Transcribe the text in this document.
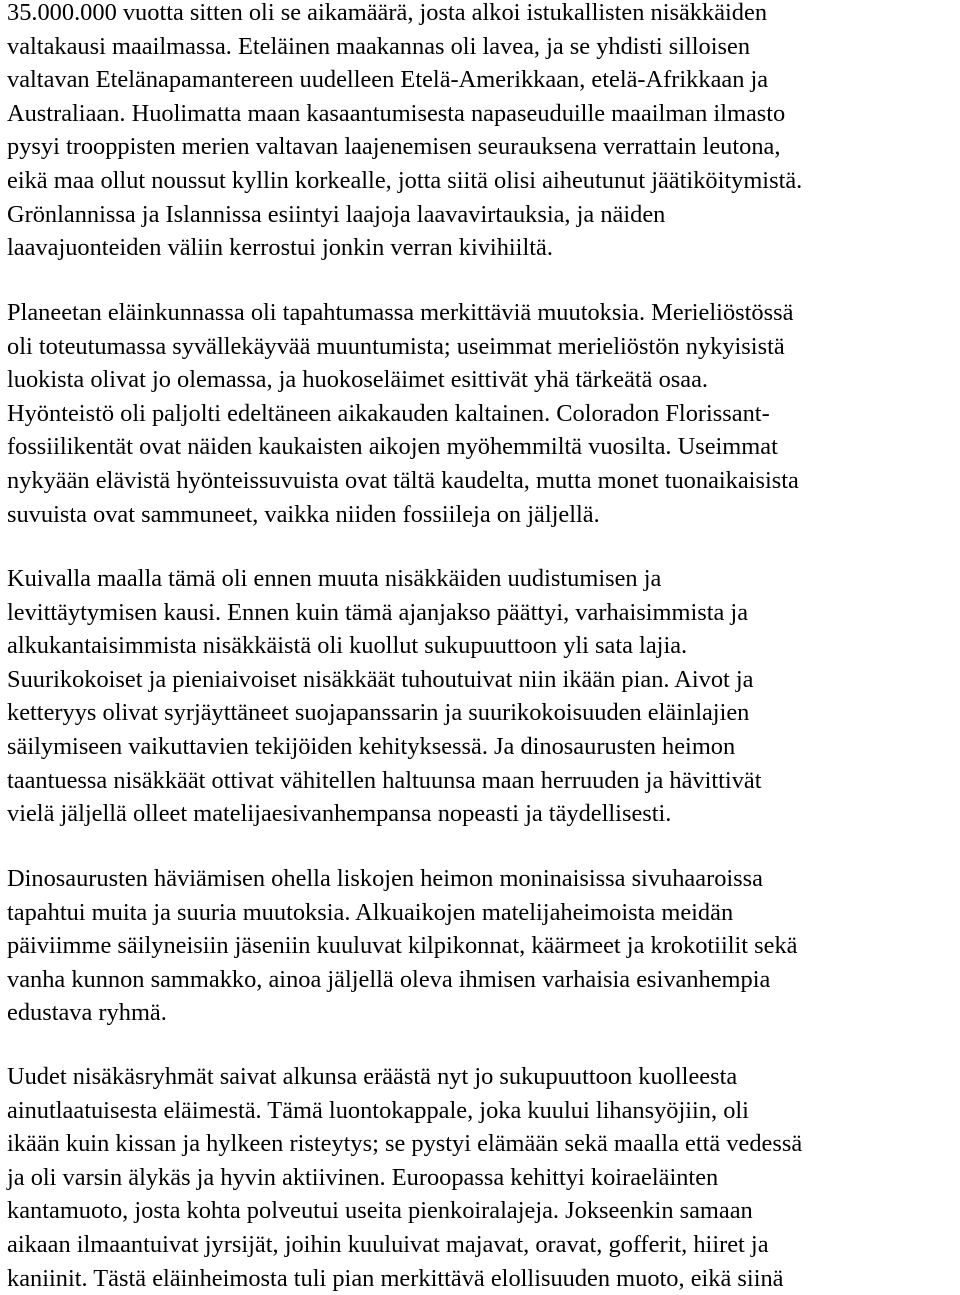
35.000.000 vuotta sitten oli se aikamäärä, josta alkoi istukallisten nisäkkäiden
valtakausi maailmassa. Eteläinen maakannas oli lavea, ja se yhdisti silloisen
valtavan Etelänapamantereen uudelleen Etelä-Amerikkaan, etelä-Afrikkaan ja
Australiaan. Huolimatta maan kasaantumisesta napaseuduille maailman ilmasto
pysyi trooppisten merien valtavan laajenemisen seurauksena verrattain leutona,
eikä maa ollut noussut kyllin korkealle, jotta siitä olisi aiheutunut jäätiköitymistä.
Grönlannissa ja Islannissa esiintyi laajoja laavavirtauksia, ja näiden
laavajuonteiden väliin kerrostui jonkin verran kivihiiltä.

Planeetan eläinkunnassa oli tapahtumassa merkittäviä muutoksia. Merieliöstössä
oli toteutumassa syvällekäyvää muuntumista; useimmat merieliöstön nykyisistä
luokista olivat jo olemassa, ja huokoseläimet esittivät yhä tärkeätä osaa.
Hyönteistö oli paljolti edeltäneen aikakauden kaltainen. Coloradon Florissant-
fossiilikentät ovat näiden kaukaisten aikojen myöhemmiltä vuosilta. Useimmat
nykyään elävistä hyönteissuvuista ovat tältä kaudelta, mutta monet tuonaikaisista
suvuista ovat sammuneet, vaikka niiden fossiileja on jäljellä.

Kuivalla maalla tämä oli ennen muuta nisäkkäiden uudistumisen ja
levittäytymisen kausi. Ennen kuin tämä ajanjakso päättyi, varhaisimmista ja
alkukantaisimmista nisäkkäistä oli kuollut sukupuuttoon yli sata lajia.
Suurikokoiset ja pieniaivoiset nisäkkäät tuhoutuivat niin ikään pian. Aivot ja
ketteryys olivat syrjäyttäneet suojapanssarin ja suurikokoisuuden eläinlajien
säilymiseen vaikuttavien tekijöiden kehityksessä. Ja dinosaurusten heimon
taantuessa nisäkkäät ottivat vähitellen haltuunsa maan herruuden ja hävittivät
vielä jäljellä olleet matelijaesivanhempansa nopeasti ja täydellisesti.

Dinosaurusten häviämisen ohella liskojen heimon moninaisissa sivuhaaroissa
tapahtui muita ja suuria muutoksia. Alkuaikojen matelijaheimoista meidän
päiviimme säilyneisiin jäseniin kuuluvat kilpikonnat, käärmeet ja krokotiilit sekä
vanha kunnon sammakko, ainoa jäljellä oleva ihmisen varhaisia esivanhempia
edustava ryhmä.

Uudet nisäkäsryhmät saivat alkunsa eräästä nyt jo sukupuuttoon kuolleesta
ainutlaatuisesta eläimestä. Tämä luontokappale, joka kuului lihansyöjiin, oli
ikään kuin kissan ja hylkeen risteytys; se pystyi elämään sekä maalla että vedessä
ja oli varsin älykäs ja hyvin aktiivinen. Euroopassa kehittyi koiraeläinten
kantamuoto, josta kohta polveutui useita pienkoiralajeja. Jokseenkin samaan
aikaan ilmaantuivat jyrsijät, joihin kuuluivat majavat, oravat, gofferit, hiiret ja
kaniinit. Tästä eläinheimosta tuli pian merkittävä elollisuuden muoto, eikä siinä
